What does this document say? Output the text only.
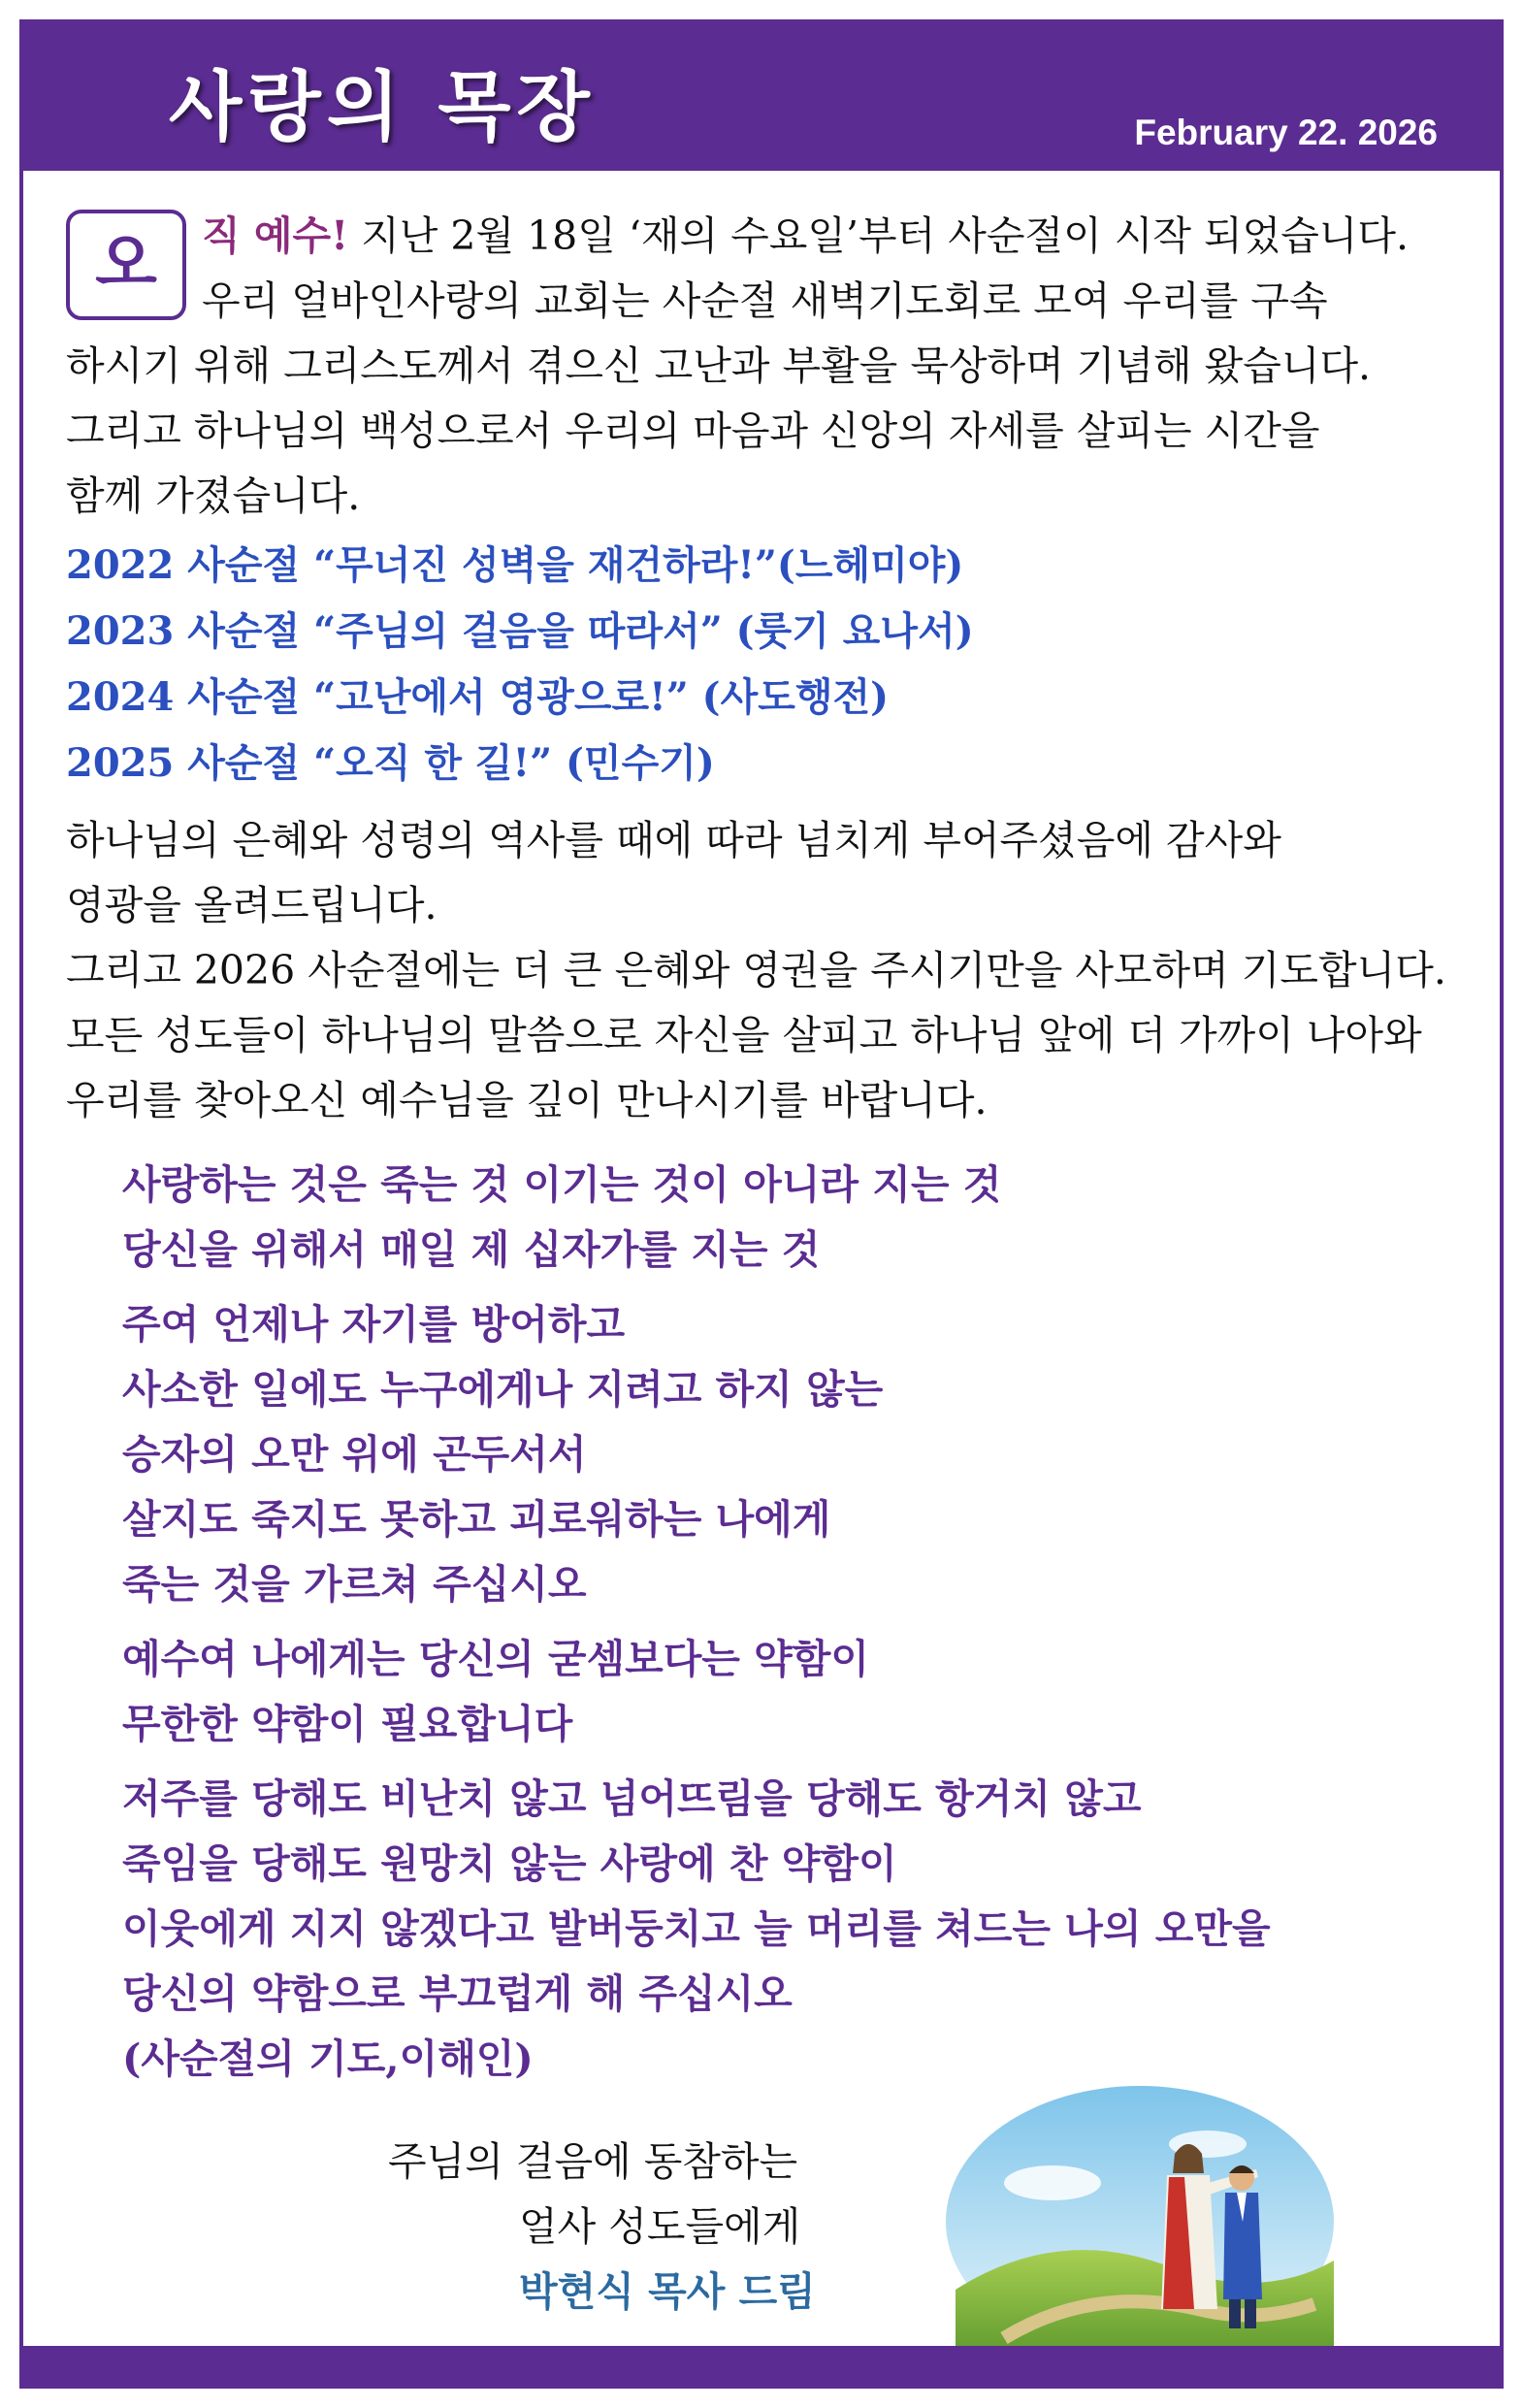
사랑의 목장	February 22. 2026
오	직 예수! 지난 2월 18일 ‘재의 수요일’부터 사순절이 시작 되었습니다.
우리 얼바인사랑의 교회는 사순절 새벽기도회로 모여 우리를 구속
하시기 위해 그리스도께서 겪으신 고난과 부활을 묵상하며 기념해 왔습니다.
그리고 하나님의 백성으로서 우리의 마음과 신앙의 자세를 살피는 시간을
함께 가졌습니다.
2022 사순절 “무너진 성벽을 재건하라!”(느헤미야)
2023 사순절 “주님의 걸음을 따라서” (룻기 요나서)
2024 사순절 “고난에서 영광으로!” (사도행전)
2025 사순절 “오직 한 길!” (민수기)
하나님의 은혜와 성령의 역사를 때에 따라 넘치게 부어주셨음에 감사와
영광을 올려드립니다.
그리고 2026 사순절에는 더 큰 은혜와 영권을 주시기만을 사모하며 기도합니다.
모든 성도들이 하나님의 말씀으로 자신을 살피고 하나님 앞에 더 가까이 나아와
우리를 찾아오신 예수님을 깊이 만나시기를 바랍니다.
사랑하는 것은 죽는 것 이기는 것이 아니라 지는 것
당신을 위해서 매일 제 십자가를 지는 것
주여 언제나 자기를 방어하고
사소한 일에도 누구에게나 지려고 하지 않는
승자의 오만 위에 곤두서서
살지도 죽지도 못하고 괴로워하는 나에게
죽는 것을 가르쳐 주십시오
예수여 나에게는 당신의 굳셈보다는 약함이
무한한 약함이 필요합니다
저주를 당해도 비난치 않고 넘어뜨림을 당해도 항거치 않고
죽임을 당해도 원망치 않는 사랑에 찬 약함이
이웃에게 지지 않겠다고 발버둥치고 늘 머리를 쳐드는 나의 오만을
당신의 약함으로 부끄럽게 해 주십시오
(사순절의 기도,이해인)
주님의 걸음에 동참하는
얼사 성도들에게
박현식 목사 드림
